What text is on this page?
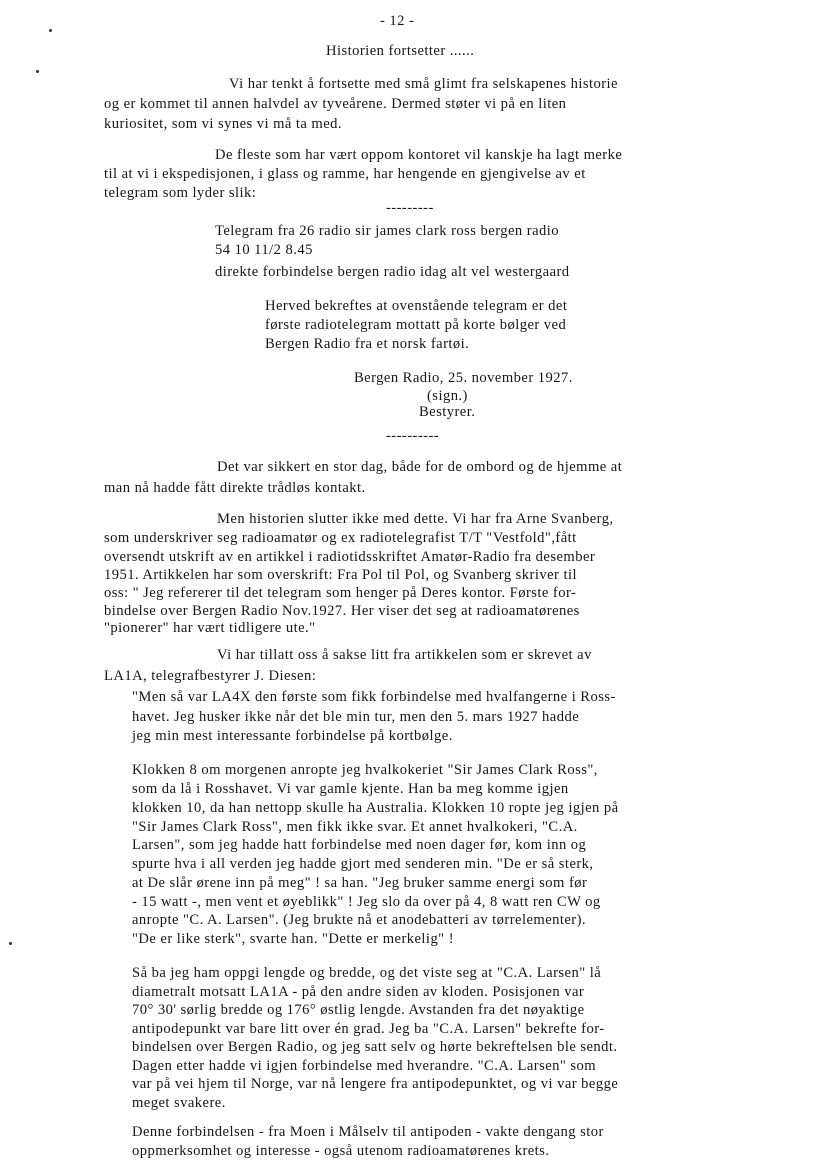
- 12 -
Historien fortsetter ......
Vi har tenkt å fortsette med små glimt fra selskapenes historie
og er kommet til annen halvdel av tyveårene. Dermed støter vi på en liten
kuriositet, som vi synes vi må ta med.
De fleste som har vært oppom kontoret vil kanskje ha lagt merke
til at vi i ekspedisjonen, i glass og ramme, har hengende en gjengivelse av et
telegram som lyder slik:
---------
Telegram fra 26 radio sir james clark ross bergen radio
54 10 11/2 8.45
direkte forbindelse bergen radio idag alt vel westergaard
Herved bekreftes at ovenstående telegram er det
første radiotelegram mottatt på korte bølger ved
Bergen Radio fra et norsk fartøi.
Bergen Radio, 25. november 1927.
(sign.)
Bestyrer.
----------
Det var sikkert en stor dag, både for de ombord og de hjemme at
man nå hadde fått direkte trådløs kontakt.
Men historien slutter ikke med dette. Vi har fra Arne Svanberg,
som underskriver seg radioamatør og ex radiotelegrafist T/T "Vestfold",fått
oversendt utskrift av en artikkel i radiotidsskriftet Amatør-Radio fra desember
1951. Artikkelen har som overskrift: Fra Pol til Pol, og Svanberg skriver til
oss: " Jeg refererer til det telegram som henger på Deres kontor. Første for-
bindelse over Bergen Radio Nov.1927. Her viser det seg at radioamatørenes
"pionerer" har vært tidligere ute."
Vi har tillatt oss å sakse litt fra artikkelen som er skrevet av
LA1A, telegrafbestyrer J. Diesen:
"Men så var LA4X den første som fikk forbindelse med hvalfangerne i Ross-
havet. Jeg husker ikke når det ble min tur, men den 5. mars 1927 hadde
jeg min mest interessante forbindelse på kortbølge.
Klokken 8 om morgenen anropte jeg hvalkokeriet "Sir James Clark Ross",
som da lå i Rosshavet. Vi var gamle kjente. Han ba meg komme igjen
klokken 10, da han nettopp skulle ha Australia. Klokken 10 ropte jeg igjen på
"Sir James Clark Ross", men fikk ikke svar. Et annet hvalkokeri, "C.A.
Larsen", som jeg hadde hatt forbindelse med noen dager før, kom inn og
spurte hva i all verden jeg hadde gjort med senderen min. "De er så sterk,
at De slår ørene inn på meg" ! sa han. "Jeg bruker samme energi som før
- 15 watt -, men vent et øyeblikk" ! Jeg slo da over på 4, 8 watt ren CW og
anropte "C. A. Larsen". (Jeg brukte nå et anodebatteri av tørrelementer).
"De er like sterk", svarte han. "Dette er merkelig" !
Så ba jeg ham oppgi lengde og bredde, og det viste seg at "C.A. Larsen" lå
diametralt motsatt LA1A - på den andre siden av kloden. Posisjonen var
70° 30' sørlig bredde og 176° østlig lengde. Avstanden fra det nøyaktige
antipodepunkt var bare litt over én grad. Jeg ba "C.A. Larsen" bekrefte for-
bindelsen over Bergen Radio, og jeg satt selv og hørte bekreftelsen ble sendt.
Dagen etter hadde vi igjen forbindelse med hverandre. "C.A. Larsen" som
var på vei hjem til Norge, var nå lengere fra antipodepunktet, og vi var begge
meget svakere.
Denne forbindelsen - fra Moen i Målselv til antipoden - vakte dengang stor
oppmerksomhet og interesse - også utenom radioamatørenes krets.
